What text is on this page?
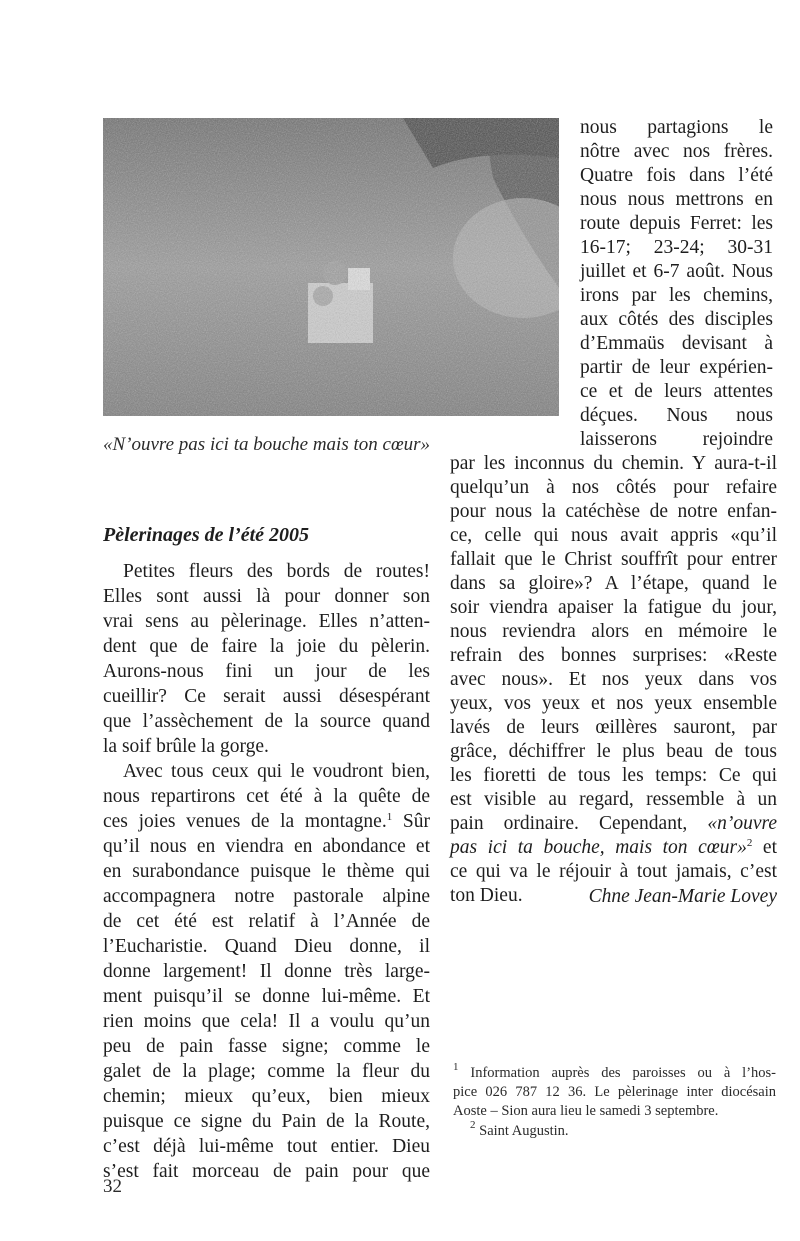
«N’ouvre pas ici ta bouche mais ton cœur»
Pèlerinages de l’été 2005
Petites fleurs des bords de routes!
Elles sont aussi là pour donner son
vrai sens au pèlerinage. Elles n’atten-
dent que de faire la joie du pèlerin.
Aurons-nous fini un jour de les
cueillir? Ce serait aussi désespérant
que l’assèchement de la source quand
la soif brûle la gorge.
Avec tous ceux qui le voudront bien,
nous repartirons cet été à la quête de
ces joies venues de la montagne.$^1$ Sûr
qu’il nous en viendra en abondance et
en surabondance puisque le thème qui
accompagnera notre pastorale alpine
de cet été est relatif à l’Année de
l’Eucharistie. Quand Dieu donne, il
donne largement! Il donne très large-
ment puisqu’il se donne lui-même. Et
rien moins que cela! Il a voulu qu’un
peu de pain fasse signe; comme le
galet de la plage; comme la fleur du
chemin; mieux qu’eux, bien mieux
puisque ce signe du Pain de la Route,
c’est déjà lui-même tout entier. Dieu
s’est fait morceau de pain pour que
nous partagions le
nôtre avec nos frères.
Quatre fois dans l’été
nous nous mettrons en
route depuis Ferret: les
16-17; 23-24; 30-31
juillet et 6-7 août. Nous
irons par les chemins,
aux côtés des disciples
d’Emmaüs devisant à
partir de leur expérien-
ce et de leurs attentes
déçues. Nous nous
laisserons rejoindre
par les inconnus du chemin. Y aura-t-il
quelqu’un à nos côtés pour refaire
pour nous la catéchèse de notre enfan-
ce, celle qui nous avait appris «qu’il
fallait que le Christ souffrît pour entrer
dans sa gloire»? A l’étape, quand le
soir viendra apaiser la fatigue du jour,
nous reviendra alors en mémoire le
refrain des bonnes surprises: «Reste
avec nous». Et nos yeux dans vos
yeux, vos yeux et nos yeux ensemble
lavés de leurs œillères sauront, par
grâce, déchiffrer le plus beau de tous
les fioretti de tous les temps: Ce qui
est visible au regard, ressemble à un
pain ordinaire. Cependant, «n’ouvre
pas ici ta bouche, mais ton cœur»$^2$ et
ce qui va le réjouir à tout jamais, c’est
ton Dieu.	Chne Jean-Marie Lovey
$^1$ Information auprès des paroisses ou à l’hos-
pice 026 787 12 36. Le pèlerinage inter diocésain
Aoste – Sion aura lieu le samedi 3 septembre.
$^2$ Saint Augustin.
32
